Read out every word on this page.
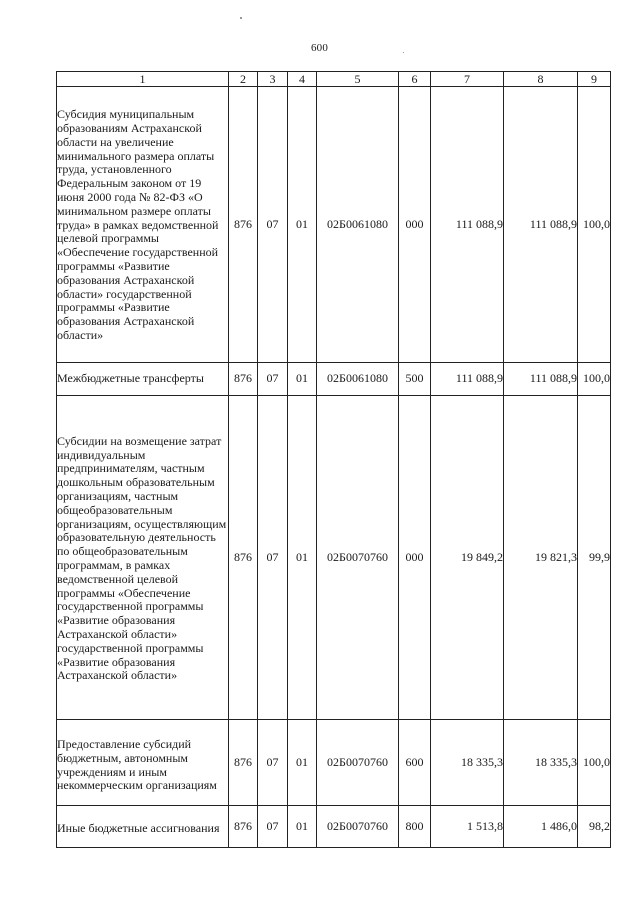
600
1	2	3	4	5	6	7	8	9
Субсидия муниципальным образованиям Астраханской области на увеличение минимального размера оплаты труда, установленного Федеральным законом от 19 июня 2000 года № 82-ФЗ «О минимальном размере оплаты труда» в рамках ведомственной целевой программы «Обеспечение государственной программы «Развитие образования Астраханской области» государственной программы «Развитие образования Астраханской области»	876	07	01	02Б0061080	000	111 088,9	111 088,9	100,0
Межбюджетные трансферты	876	07	01	02Б0061080	500	111 088,9	111 088,9	100,0
Субсидии на возмещение затрат индивидуальным предпринимателям, частным дошкольным образовательным организациям, частным общеобразовательным организациям, осуществляющим образовательную деятельность по общеобразовательным программам, в рамках ведомственной целевой программы «Обеспечение государственной программы «Развитие образования Астраханской области» государственной программы «Развитие образования Астраханской области»	876	07	01	02Б0070760	000	19 849,2	19 821,3	99,9
Предоставление субсидий бюджетным, автономным учреждениям и иным некоммерческим организациям	876	07	01	02Б0070760	600	18 335,3	18 335,3	100,0
Иные бюджетные ассигнования	876	07	01	02Б0070760	800	1 513,8	1 486,0	98,2
